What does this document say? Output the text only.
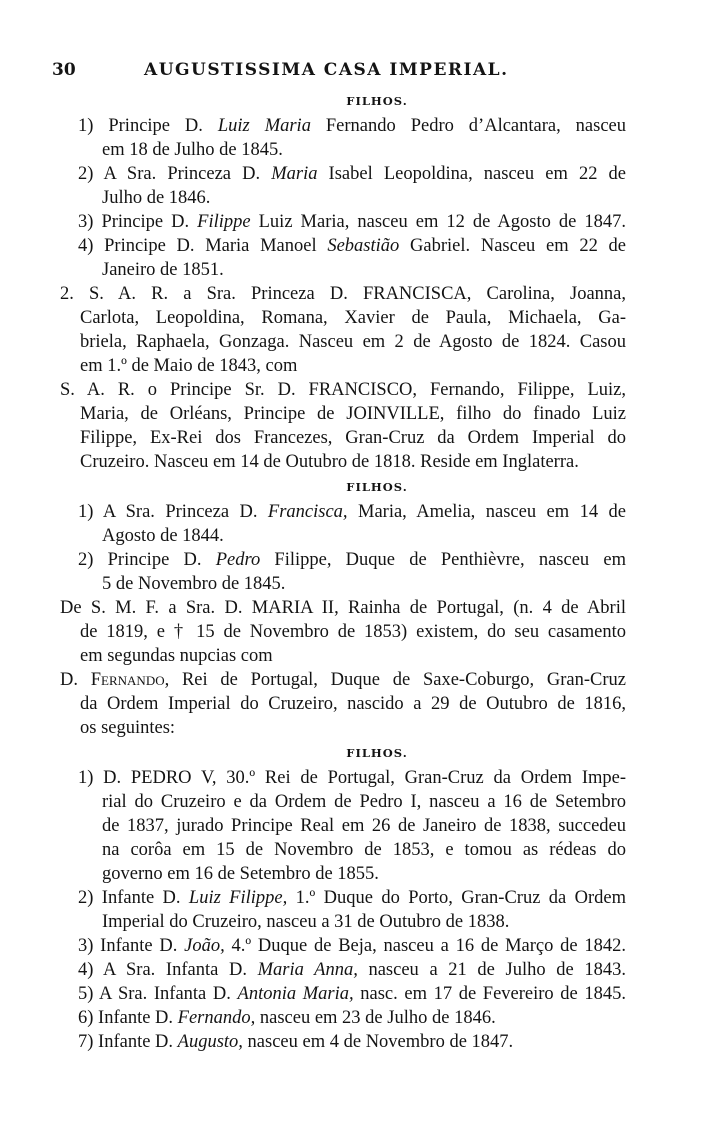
30	AUGUSTISSIMA CASA IMPERIAL.
FILHOS.
1) Principe D. Luiz Maria Fernando Pedro d’Alcantara, nasceu
em 18 de Julho de 1845.
2) A Sra. Princeza D. Maria Isabel Leopoldina, nasceu em 22 de
Julho de 1846.
3) Principe D. Filippe Luiz Maria, nasceu em 12 de Agosto de 1847.
4) Principe D. Maria Manoel Sebastião Gabriel. Nasceu em 22 de
Janeiro de 1851.
2. S. A. R. a Sra. Princeza D. FRANCISCA, Carolina, Joanna,
Carlota, Leopoldina, Romana, Xavier de Paula, Michaela, Ga-
briela, Raphaela, Gonzaga. Nasceu em 2 de Agosto de 1824. Casou
em 1.º de Maio de 1843, com
S. A. R. o Principe Sr. D. FRANCISCO, Fernando, Filippe, Luiz,
Maria, de Orléans, Principe de JOINVILLE, filho do finado Luiz
Filippe, Ex-Rei dos Francezes, Gran-Cruz da Ordem Imperial do
Cruzeiro. Nasceu em 14 de Outubro de 1818. Reside em Inglaterra.
FILHOS.
1) A Sra. Princeza D. Francisca, Maria, Amelia, nasceu em 14 de
Agosto de 1844.
2) Principe D. Pedro Filippe, Duque de Penthièvre, nasceu em
5 de Novembro de 1845.
De S. M. F. a Sra. D. MARIA II, Rainha de Portugal, (n. 4 de Abril
de 1819, e † 15 de Novembro de 1853) existem, do seu casamento
em segundas nupcias com
D. Fernando, Rei de Portugal, Duque de Saxe-Coburgo, Gran-Cruz
da Ordem Imperial do Cruzeiro, nascido a 29 de Outubro de 1816,
os seguintes:
FILHOS.
1) D. PEDRO V, 30.º Rei de Portugal, Gran-Cruz da Ordem Impe-
rial do Cruzeiro e da Ordem de Pedro I, nasceu a 16 de Setembro
de 1837, jurado Principe Real em 26 de Janeiro de 1838, succedeu
na corôa em 15 de Novembro de 1853, e tomou as rédeas do
governo em 16 de Setembro de 1855.
2) Infante D. Luiz Filippe, 1.º Duque do Porto, Gran-Cruz da Ordem
Imperial do Cruzeiro, nasceu a 31 de Outubro de 1838.
3) Infante D. João, 4.º Duque de Beja, nasceu a 16 de Março de 1842.
4) A Sra. Infanta D. Maria Anna, nasceu a 21 de Julho de 1843.
5) A Sra. Infanta D. Antonia Maria, nasc. em 17 de Fevereiro de 1845.
6) Infante D. Fernando, nasceu em 23 de Julho de 1846.
7) Infante D. Augusto, nasceu em 4 de Novembro de 1847.
